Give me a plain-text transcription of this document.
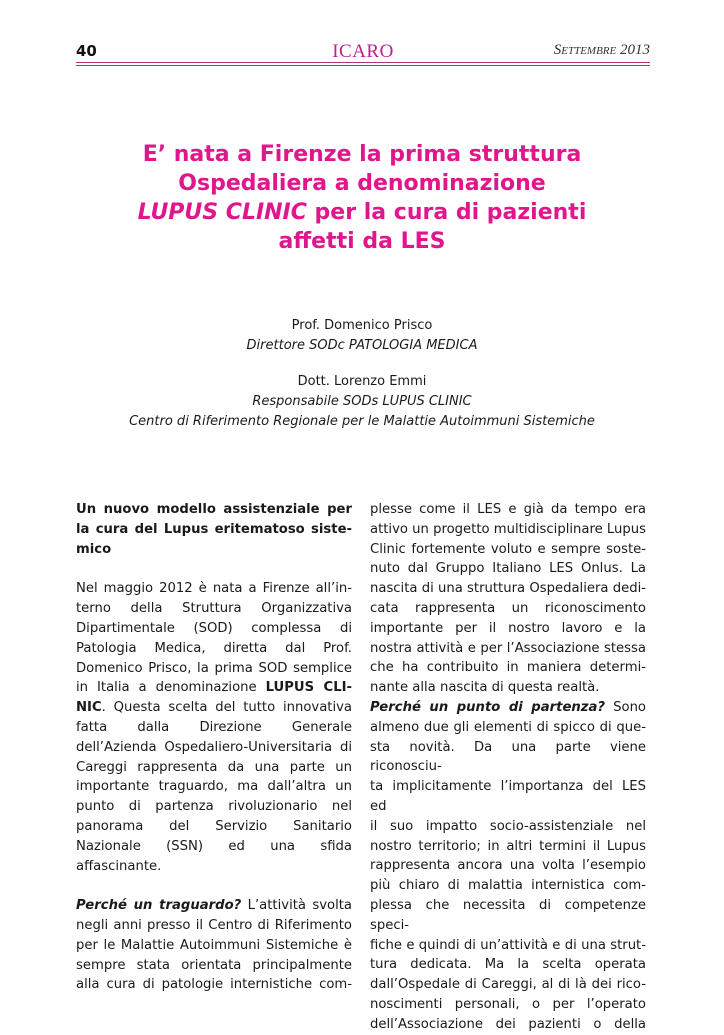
40	ICARO	Settembre 2013
E’ nata a Firenze la prima struttura
Ospedaliera a denominazione
LUPUS CLINIC per la cura di pazienti
affetti da LES
Prof. Domenico Prisco
Direttore SODc PATOLOGIA MEDICA
Dott. Lorenzo Emmi
Responsabile SODs LUPUS CLINIC
Centro di Riferimento Regionale per le Malattie Autoimmuni Sistemiche
Un nuovo modello assistenziale per
la cura del Lupus eritematoso siste-
mico

Nel maggio 2012 è nata a Firenze all’in-
terno della Struttura Organizzativa
Dipartimentale (SOD) complessa di
Patologia Medica, diretta dal Prof.
Domenico Prisco, la prima SOD semplice
in Italia a denominazione LUPUS CLI-
NIC. Questa scelta del tutto innovativa
fatta dalla Direzione Generale
dell’Azienda Ospedaliero-Universitaria di
Careggi rappresenta da una parte un
importante traguardo, ma dall’altra un
punto di partenza rivoluzionario nel
panorama del Servizio Sanitario
Nazionale (SSN) ed una sfida affascinante.

Perché un traguardo? L’attività svolta
negli anni presso il Centro di Riferimento
per le Malattie Autoimmuni Sistemiche è
sempre stata orientata principalmente
alla cura di patologie internistiche com-

plesse come il LES e già da tempo era
attivo un progetto multidisciplinare Lupus
Clinic fortemente voluto e sempre soste-
nuto dal Gruppo Italiano LES Onlus. La
nascita di una struttura Ospedaliera dedi-
cata rappresenta un riconoscimento
importante per il nostro lavoro e la
nostra attività e per l’Associazione stessa
che ha contribuito in maniera determi-
nante alla nascita di questa realtà.

Perché un punto di partenza? Sono
almeno due gli elementi di spicco di que-
sta novità. Da una parte viene riconosciu-
ta implicitamente l’importanza del LES ed
il suo impatto socio-assistenziale nel
nostro territorio; in altri termini il Lupus
rappresenta ancora una volta l’esempio
più chiaro di malattia internistica com-
plessa che necessita di competenze speci-
fiche e quindi di un’attività e di una strut-
tura dedicata. Ma la scelta operata
dall’Ospedale di Careggi, al di là dei rico-
noscimenti personali, o per l’operato
dell’Associazione dei pazienti o della
